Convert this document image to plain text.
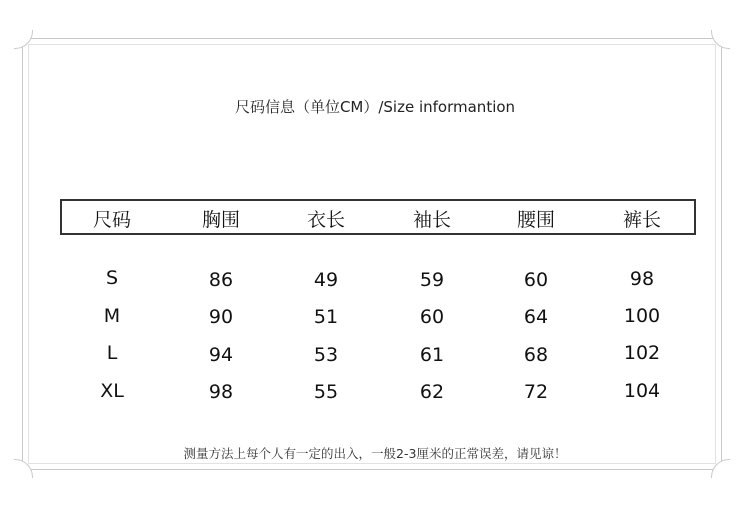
尺码信息（单位CM）/Size informantion
尺码	胸围	衣长	袖长	腰围	裤长
S	86	49	59	60	98
M	90	51	60	64	100
L	94	53	61	68	102
XL	98	55	62	72	104
测量方法上每个人有一定的出入，一般2-3厘米的正常误差，请见谅！
